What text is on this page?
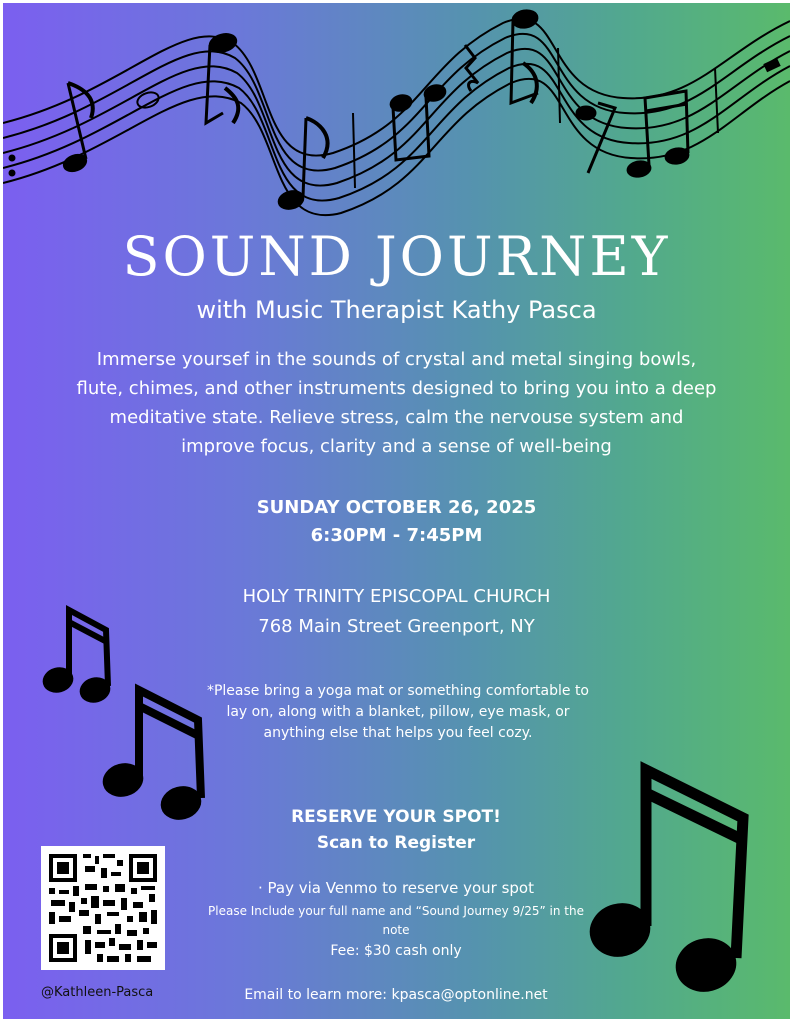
SOUND JOURNEY
with Music Therapist Kathy Pasca
Immerse yoursef in the sounds of crystal and metal singing bowls, flute, chimes, and other instruments designed to bring you into a deep meditative state. Relieve stress, calm the nervouse system and improve focus, clarity and a sense of well-being
SUNDAY OCTOBER 26, 2025
6:30PM - 7:45PM
HOLY TRINITY EPISCOPAL CHURCH
768 Main Street Greenport, NY
*Please bring a yoga mat or something comfortable to lay on, along with a blanket, pillow, eye mask, or anything else that helps you feel cozy.
RESERVE YOUR SPOT!
Scan to Register
· Pay via Venmo to reserve your spot
Please Include your full name and “Sound Journey 9/25” in the note
Fee: $30 cash only
Email to learn more: kpasca@optonline.net
@Kathleen-Pasca
